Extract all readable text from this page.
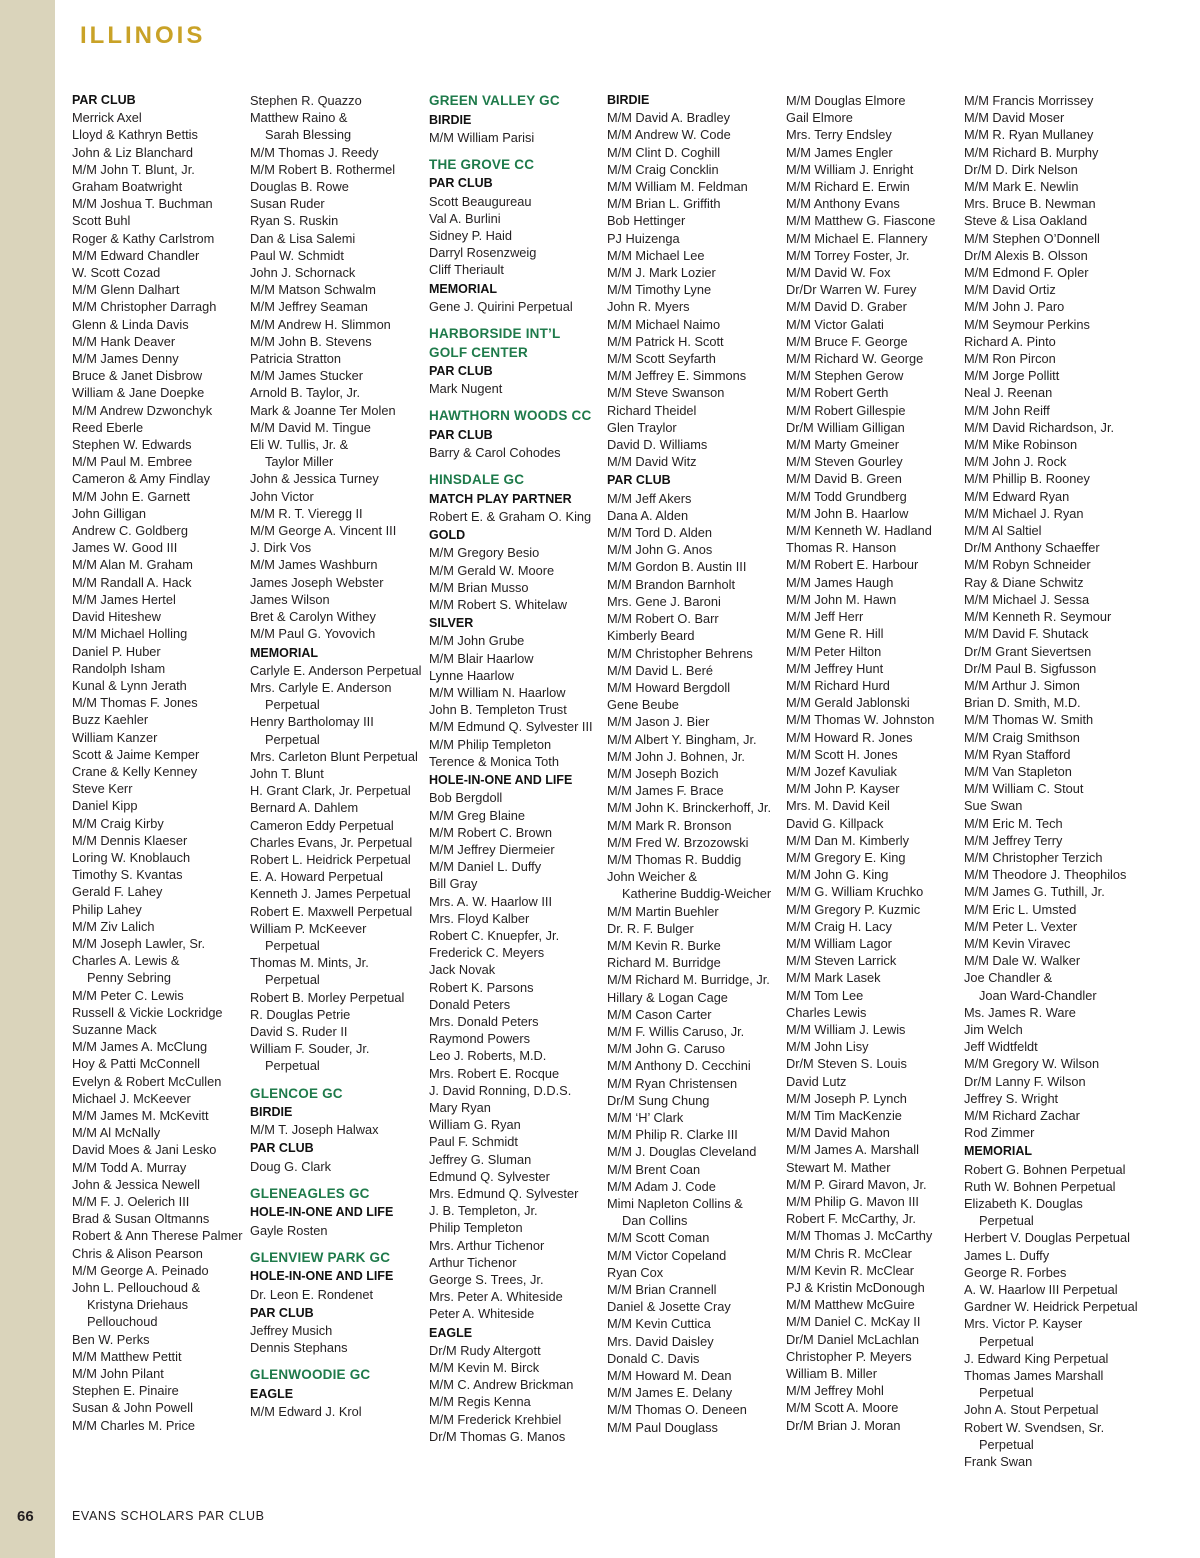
ILLINOIS
PAR CLUB
Merrick Axel
Lloyd & Kathryn Bettis
John & Liz Blanchard
M/M John T. Blunt, Jr.
Graham Boatwright
M/M Joshua T. Buchman
Scott Buhl
Roger & Kathy Carlstrom
M/M Edward Chandler
W. Scott Cozad
M/M Glenn Dalhart
M/M Christopher Darragh
Glenn & Linda Davis
M/M Hank Deaver
M/M James Denny
Bruce & Janet Disbrow
William & Jane Doepke
M/M Andrew Dzwonchyk
Reed Eberle
Stephen W. Edwards
M/M Paul M. Embree
Cameron & Amy Findlay
M/M John E. Garnett
John Gilligan
Andrew C. Goldberg
James W. Good III
M/M Alan M. Graham
M/M Randall A. Hack
M/M James Hertel
David Hiteshew
M/M Michael Holling
Daniel P. Huber
Randolph Isham
Kunal & Lynn Jerath
M/M Thomas F. Jones
Buzz Kaehler
William Kanzer
Scott & Jaime Kemper
Crane & Kelly Kenney
Steve Kerr
Daniel Kipp
M/M Craig Kirby
M/M Dennis Klaeser
Loring W. Knoblauch
Timothy S. Kvantas
Gerald F. Lahey
Philip Lahey
M/M Ziv Lalich
M/M Joseph Lawler, Sr.
Charles A. Lewis &
Penny Sebring
M/M Peter C. Lewis
Russell & Vickie Lockridge
Suzanne Mack
M/M James A. McClung
Hoy & Patti McConnell
Evelyn & Robert McCullen
Michael J. McKeever
M/M James M. McKevitt
M/M Al McNally
David Moes & Jani Lesko
M/M Todd A. Murray
John & Jessica Newell
M/M F. J. Oelerich III
Brad & Susan Oltmanns
Robert & Ann Therese Palmer
Chris & Alison Pearson
M/M George A. Peinado
John L. Pellouchoud &
Kristyna Driehaus
Pellouchoud
Ben W. Perks
M/M Matthew Pettit
M/M John Pilant
Stephen E. Pinaire
Susan & John Powell
M/M Charles M. Price
Stephen R. Quazzo
Matthew Raino &
Sarah Blessing
M/M Thomas J. Reedy
M/M Robert B. Rothermel
Douglas B. Rowe
Susan Ruder
Ryan S. Ruskin
Dan & Lisa Salemi
Paul W. Schmidt
John J. Schornack
M/M Matson Schwalm
M/M Jeffrey Seaman
M/M Andrew H. Slimmon
M/M John B. Stevens
Patricia Stratton
M/M James Stucker
Arnold B. Taylor, Jr.
Mark & Joanne Ter Molen
M/M David M. Tingue
Eli W. Tullis, Jr. &
Taylor Miller
John & Jessica Turney
John Victor
M/M R. T. Vieregg II
M/M George A. Vincent III
J. Dirk Vos
M/M James Washburn
James Joseph Webster
James Wilson
Bret & Carolyn Withey
M/M Paul G. Yovovich
MEMORIAL
Carlyle E. Anderson Perpetual
Mrs. Carlyle E. Anderson
Perpetual
Henry Bartholomay III
Perpetual
Mrs. Carleton Blunt Perpetual
John T. Blunt
H. Grant Clark, Jr. Perpetual
Bernard A. Dahlem
Cameron Eddy Perpetual
Charles Evans, Jr. Perpetual
Robert L. Heidrick Perpetual
E. A. Howard Perpetual
Kenneth J. James Perpetual
Robert E. Maxwell Perpetual
William P. McKeever
Perpetual
Thomas M. Mints, Jr.
Perpetual
Robert B. Morley Perpetual
R. Douglas Petrie
David S. Ruder II
William F. Souder, Jr.
Perpetual
GLENCOE GC
BIRDIE
M/M T. Joseph Halwax
PAR CLUB
Doug G. Clark
GLENEAGLES GC
HOLE-IN-ONE AND LIFE
Gayle Rosten
GLENVIEW PARK GC
HOLE-IN-ONE AND LIFE
Dr. Leon E. Rondenet
PAR CLUB
Jeffrey Musich
Dennis Stephans
GLENWOODIE GC
EAGLE
M/M Edward J. Krol
GREEN VALLEY GC
BIRDIE
M/M William Parisi
THE GROVE CC
PAR CLUB
Scott Beaugureau
Val A. Burlini
Sidney P. Haid
Darryl Rosenzweig
Cliff Theriault
MEMORIAL
Gene J. Quirini Perpetual
HARBORSIDE INT’L
GOLF CENTER
PAR CLUB
Mark Nugent
HAWTHORN WOODS CC
PAR CLUB
Barry & Carol Cohodes
HINSDALE GC
MATCH PLAY PARTNER
Robert E. & Graham O. King
GOLD
M/M Gregory Besio
M/M Gerald W. Moore
M/M Brian Musso
M/M Robert S. Whitelaw
SILVER
M/M John Grube
M/M Blair Haarlow
Lynne Haarlow
M/M William N. Haarlow
John B. Templeton Trust
M/M Edmund Q. Sylvester III
M/M Philip Templeton
Terence & Monica Toth
HOLE-IN-ONE AND LIFE
Bob Bergdoll
M/M Greg Blaine
M/M Robert C. Brown
M/M Jeffrey Diermeier
M/M Daniel L. Duffy
Bill Gray
Mrs. A. W. Haarlow III
Mrs. Floyd Kalber
Robert C. Knuepfer, Jr.
Frederick C. Meyers
Jack Novak
Robert K. Parsons
Donald Peters
Mrs. Donald Peters
Raymond Powers
Leo J. Roberts, M.D.
Mrs. Robert E. Rocque
J. David Ronning, D.D.S.
Mary Ryan
William G. Ryan
Paul F. Schmidt
Jeffrey G. Sluman
Edmund Q. Sylvester
Mrs. Edmund Q. Sylvester
J. B. Templeton, Jr.
Philip Templeton
Mrs. Arthur Tichenor
Arthur Tichenor
George S. Trees, Jr.
Mrs. Peter A. Whiteside
Peter A. Whiteside
EAGLE
Dr/M Rudy Altergott
M/M Kevin M. Birck
M/M C. Andrew Brickman
M/M Regis Kenna
M/M Frederick Krehbiel
Dr/M Thomas G. Manos
BIRDIE
M/M David A. Bradley
M/M Andrew W. Code
M/M Clint D. Coghill
M/M Craig Concklin
M/M William M. Feldman
M/M Brian L. Griffith
Bob Hettinger
PJ Huizenga
M/M Michael Lee
M/M J. Mark Lozier
M/M Timothy Lyne
John R. Myers
M/M Michael Naimo
M/M Patrick H. Scott
M/M Scott Seyfarth
M/M Jeffrey E. Simmons
M/M Steve Swanson
Richard Theidel
Glen Traylor
David D. Williams
M/M David Witz
PAR CLUB
M/M Jeff Akers
Dana A. Alden
M/M Tord D. Alden
M/M John G. Anos
M/M Gordon B. Austin III
M/M Brandon Barnholt
Mrs. Gene J. Baroni
M/M Robert O. Barr
Kimberly Beard
M/M Christopher Behrens
M/M David L. Beré
M/M Howard Bergdoll
Gene Beube
M/M Jason J. Bier
M/M Albert Y. Bingham, Jr.
M/M John J. Bohnen, Jr.
M/M Joseph Bozich
M/M James F. Brace
M/M John K. Brinckerhoff, Jr.
M/M Mark R. Bronson
M/M Fred W. Brzozowski
M/M Thomas R. Buddig
John Weicher &
Katherine Buddig-Weicher
M/M Martin Buehler
Dr. R. F. Bulger
M/M Kevin R. Burke
Richard M. Burridge
M/M Richard M. Burridge, Jr.
Hillary & Logan Cage
M/M Cason Carter
M/M F. Willis Caruso, Jr.
M/M John G. Caruso
M/M Anthony D. Cecchini
M/M Ryan Christensen
Dr/M Sung Chung
M/M ‘H’ Clark
M/M Philip R. Clarke III
M/M J. Douglas Cleveland
M/M Brent Coan
M/M Adam J. Code
Mimi Napleton Collins &
Dan Collins
M/M Scott Coman
M/M Victor Copeland
Ryan Cox
M/M Brian Crannell
Daniel & Josette Cray
M/M Kevin Cuttica
Mrs. David Daisley
Donald C. Davis
M/M Howard M. Dean
M/M James E. Delany
M/M Thomas O. Deneen
M/M Paul Douglass
M/M Douglas Elmore
Gail Elmore
Mrs. Terry Endsley
M/M James Engler
M/M William J. Enright
M/M Richard E. Erwin
M/M Anthony Evans
M/M Matthew G. Fiascone
M/M Michael E. Flannery
M/M Torrey Foster, Jr.
M/M David W. Fox
Dr/Dr Warren W. Furey
M/M David D. Graber
M/M Victor Galati
M/M Bruce F. George
M/M Richard W. George
M/M Stephen Gerow
M/M Robert Gerth
M/M Robert Gillespie
Dr/M William Gilligan
M/M Marty Gmeiner
M/M Steven Gourley
M/M David B. Green
M/M Todd Grundberg
M/M John B. Haarlow
M/M Kenneth W. Hadland
Thomas R. Hanson
M/M Robert E. Harbour
M/M James Haugh
M/M John M. Hawn
M/M Jeff Herr
M/M Gene R. Hill
M/M Peter Hilton
M/M Jeffrey Hunt
M/M Richard Hurd
M/M Gerald Jablonski
M/M Thomas W. Johnston
M/M Howard R. Jones
M/M Scott H. Jones
M/M Jozef Kavuliak
M/M John P. Kayser
Mrs. M. David Keil
David G. Killpack
M/M Dan M. Kimberly
M/M Gregory E. King
M/M John G. King
M/M G. William Kruchko
M/M Gregory P. Kuzmic
M/M Craig H. Lacy
M/M William Lagor
M/M Steven Larrick
M/M Mark Lasek
M/M Tom Lee
Charles Lewis
M/M William J. Lewis
M/M John Lisy
Dr/M Steven S. Louis
David Lutz
M/M Joseph P. Lynch
M/M Tim MacKenzie
M/M David Mahon
M/M James A. Marshall
Stewart M. Mather
M/M P. Girard Mavon, Jr.
M/M Philip G. Mavon III
Robert F. McCarthy, Jr.
M/M Thomas J. McCarthy
M/M Chris R. McClear
M/M Kevin R. McClear
PJ & Kristin McDonough
M/M Matthew McGuire
M/M Daniel C. McKay II
Dr/M Daniel McLachlan
Christopher P. Meyers
William B. Miller
M/M Jeffrey Mohl
M/M Scott A. Moore
Dr/M Brian J. Moran
M/M Francis Morrissey
M/M David Moser
M/M R. Ryan Mullaney
M/M Richard B. Murphy
Dr/M D. Dirk Nelson
M/M Mark E. Newlin
Mrs. Bruce B. Newman
Steve & Lisa Oakland
M/M Stephen O’Donnell
Dr/M Alexis B. Olsson
M/M Edmond F. Opler
M/M David Ortiz
M/M John J. Paro
M/M Seymour Perkins
Richard A. Pinto
M/M Ron Pircon
M/M Jorge Pollitt
Neal J. Reenan
M/M John Reiff
M/M David Richardson, Jr.
M/M Mike Robinson
M/M John J. Rock
M/M Phillip B. Rooney
M/M Edward Ryan
M/M Michael J. Ryan
M/M Al Saltiel
Dr/M Anthony Schaeffer
M/M Robyn Schneider
Ray & Diane Schwitz
M/M Michael J. Sessa
M/M Kenneth R. Seymour
M/M David F. Shutack
Dr/M Grant Sievertsen
Dr/M Paul B. Sigfusson
M/M Arthur J. Simon
Brian D. Smith, M.D.
M/M Thomas W. Smith
M/M Craig Smithson
M/M Ryan Stafford
M/M Van Stapleton
M/M William C. Stout
Sue Swan
M/M Eric M. Tech
M/M Jeffrey Terry
M/M Christopher Terzich
M/M Theodore J. Theophilos
M/M James G. Tuthill, Jr.
M/M Eric L. Umsted
M/M Peter L. Vexter
M/M Kevin Viravec
M/M Dale W. Walker
Joe Chandler &
Joan Ward-Chandler
Ms. James R. Ware
Jim Welch
Jeff Widtfeldt
M/M Gregory W. Wilson
Dr/M Lanny F. Wilson
Jeffrey S. Wright
M/M Richard Zachar
Rod Zimmer
MEMORIAL
Robert G. Bohnen Perpetual
Ruth W. Bohnen Perpetual
Elizabeth K. Douglas
Perpetual
Herbert V. Douglas Perpetual
James L. Duffy
George R. Forbes
A. W. Haarlow III Perpetual
Gardner W. Heidrick Perpetual
Mrs. Victor P. Kayser
Perpetual
J. Edward King Perpetual
Thomas James Marshall
Perpetual
John A. Stout Perpetual
Robert W. Svendsen, Sr.
Perpetual
Frank Swan
66	EVANS SCHOLARS PAR CLUB
